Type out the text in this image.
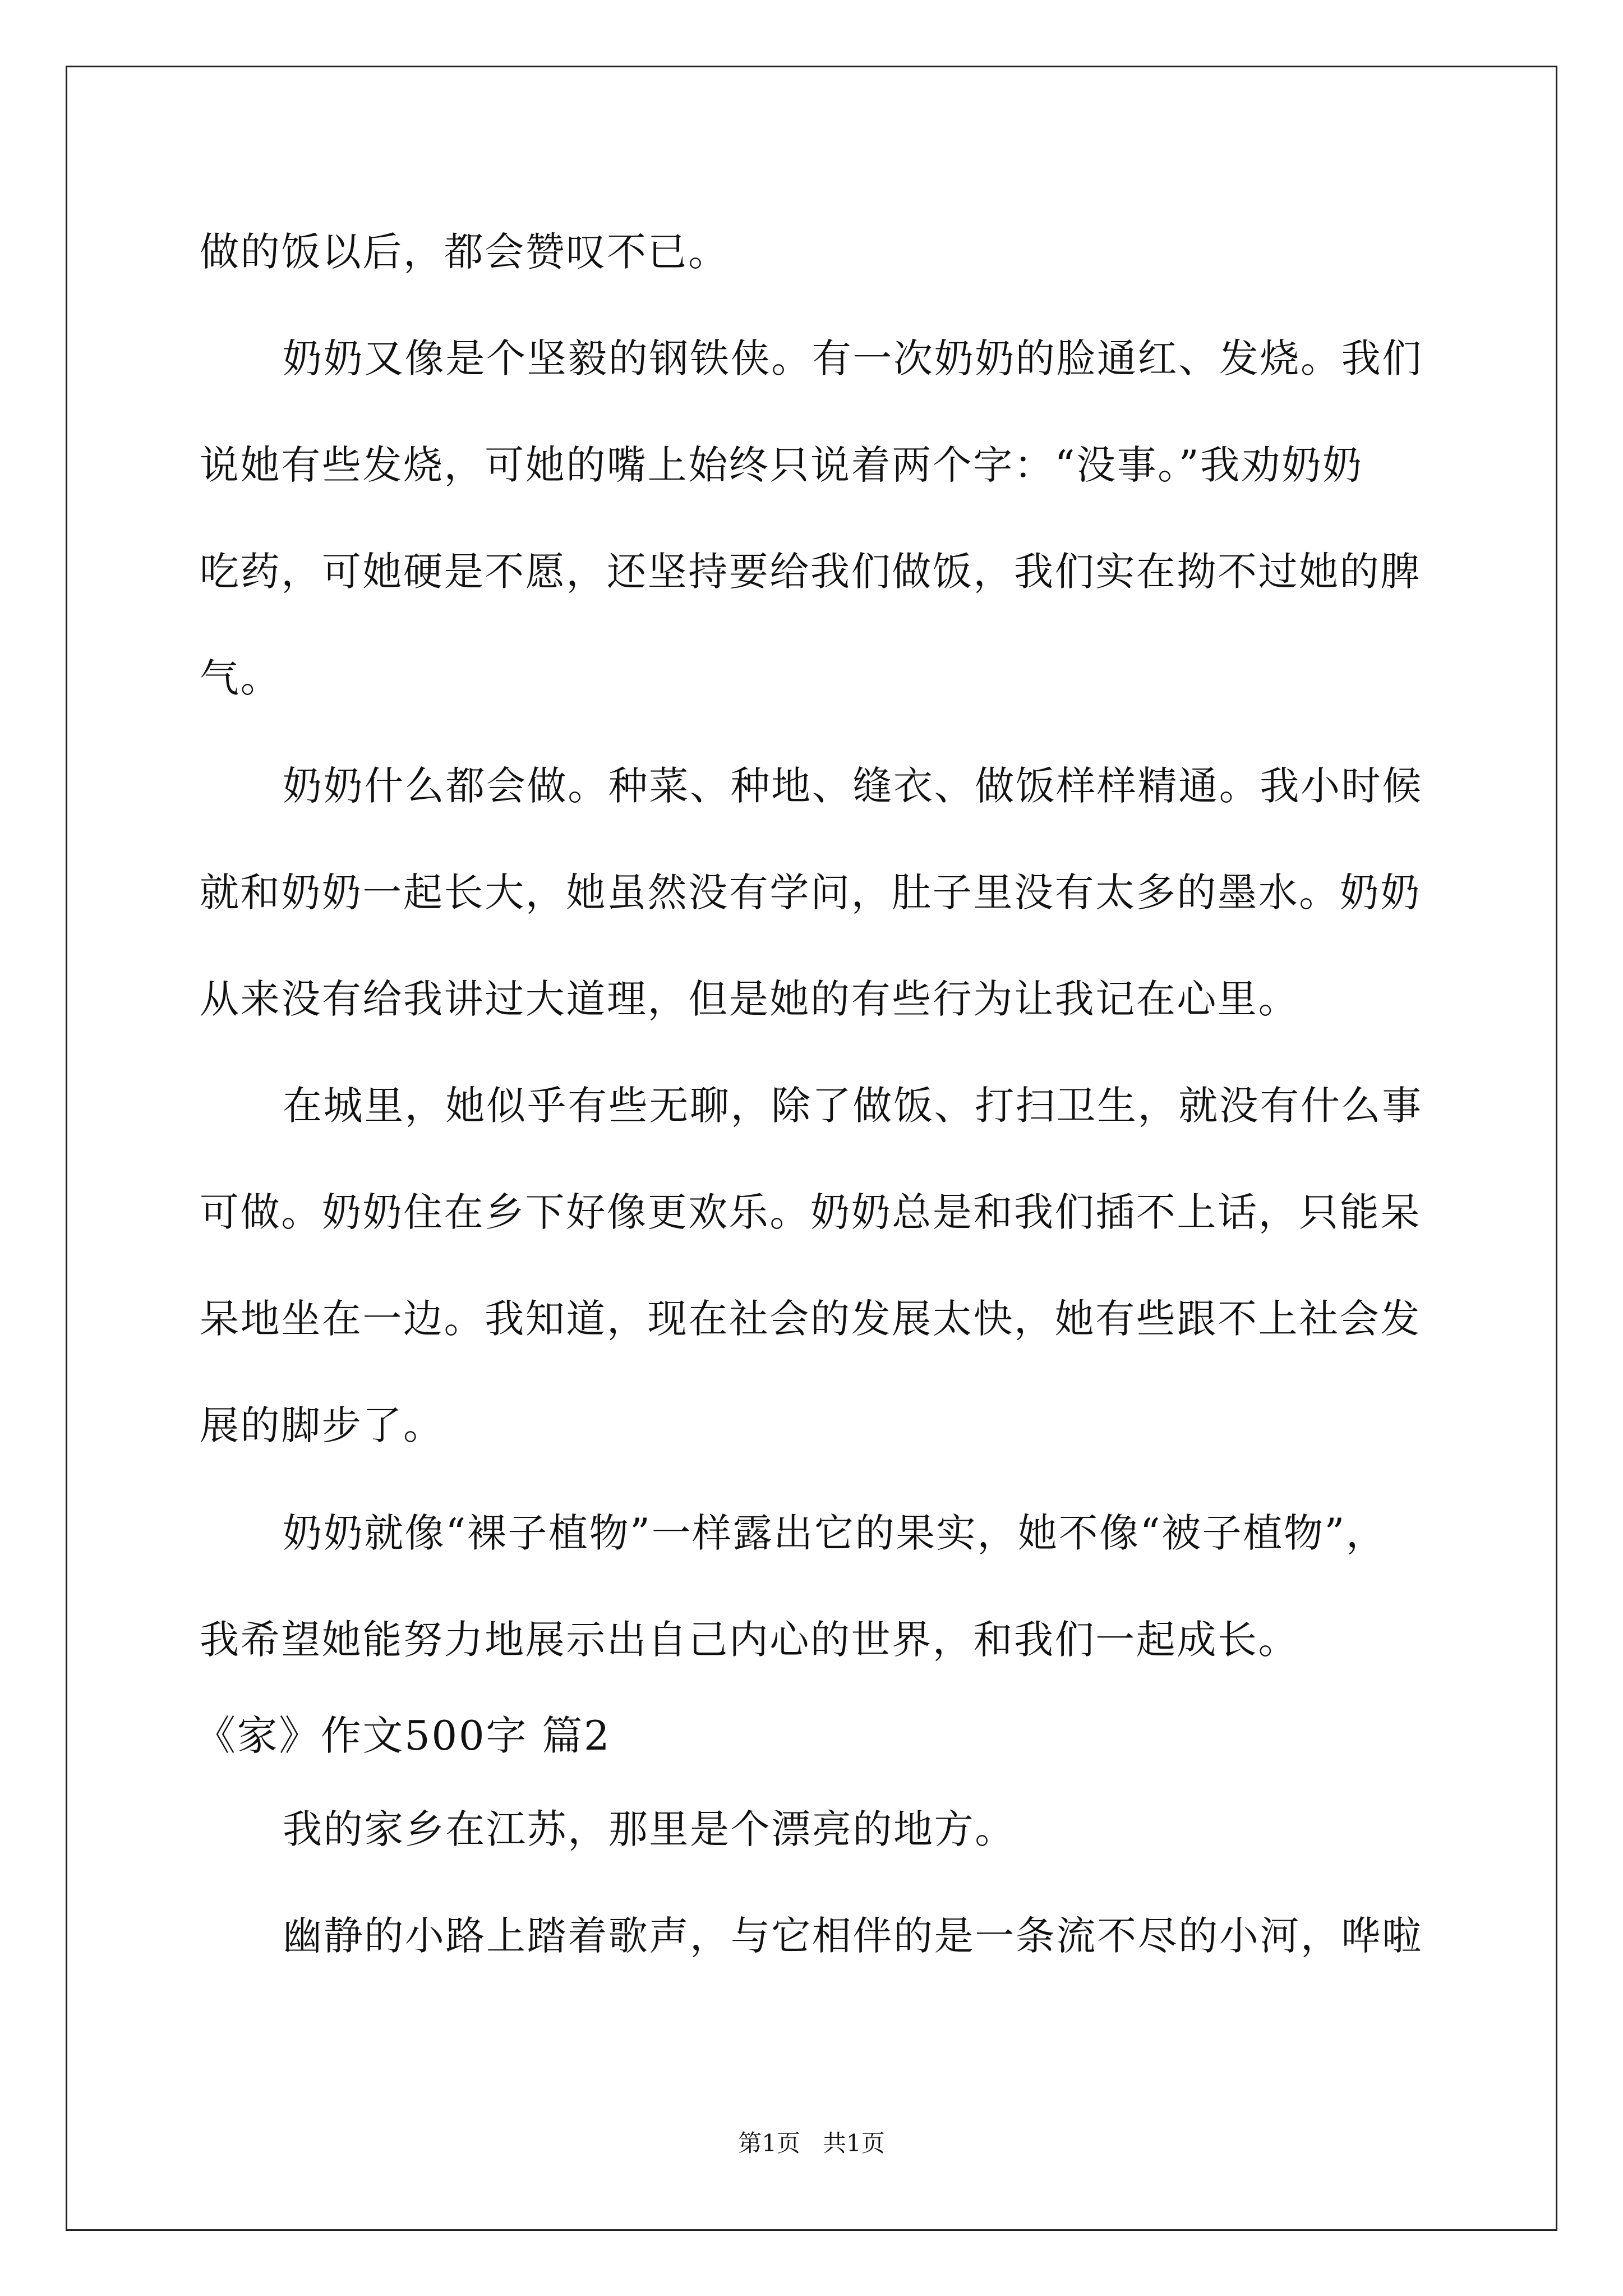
做的饭以后，都会赞叹不已。
奶奶又像是个坚毅的钢铁侠。有一次奶奶的脸通红、发烧。我们
说她有些发烧，可她的嘴上始终只说着两个字：“没事。”我劝奶奶
吃药，可她硬是不愿，还坚持要给我们做饭，我们实在拗不过她的脾
气。
奶奶什么都会做。种菜、种地、缝衣、做饭样样精通。我小时候
就和奶奶一起长大，她虽然没有学问，肚子里没有太多的墨水。奶奶
从来没有给我讲过大道理，但是她的有些行为让我记在心里。
在城里，她似乎有些无聊，除了做饭、打扫卫生，就没有什么事
可做。奶奶住在乡下好像更欢乐。奶奶总是和我们插不上话，只能呆
呆地坐在一边。我知道，现在社会的发展太快，她有些跟不上社会发
展的脚步了。
奶奶就像“裸子植物”一样露出它的果实，她不像“被子植物”，
我希望她能努力地展示出自己内心的世界，和我们一起成长。
《家》作文500字 篇2
我的家乡在江苏，那里是个漂亮的地方。
幽静的小路上踏着歌声，与它相伴的是一条流不尽的小河，哗啦
第1页   共1页
